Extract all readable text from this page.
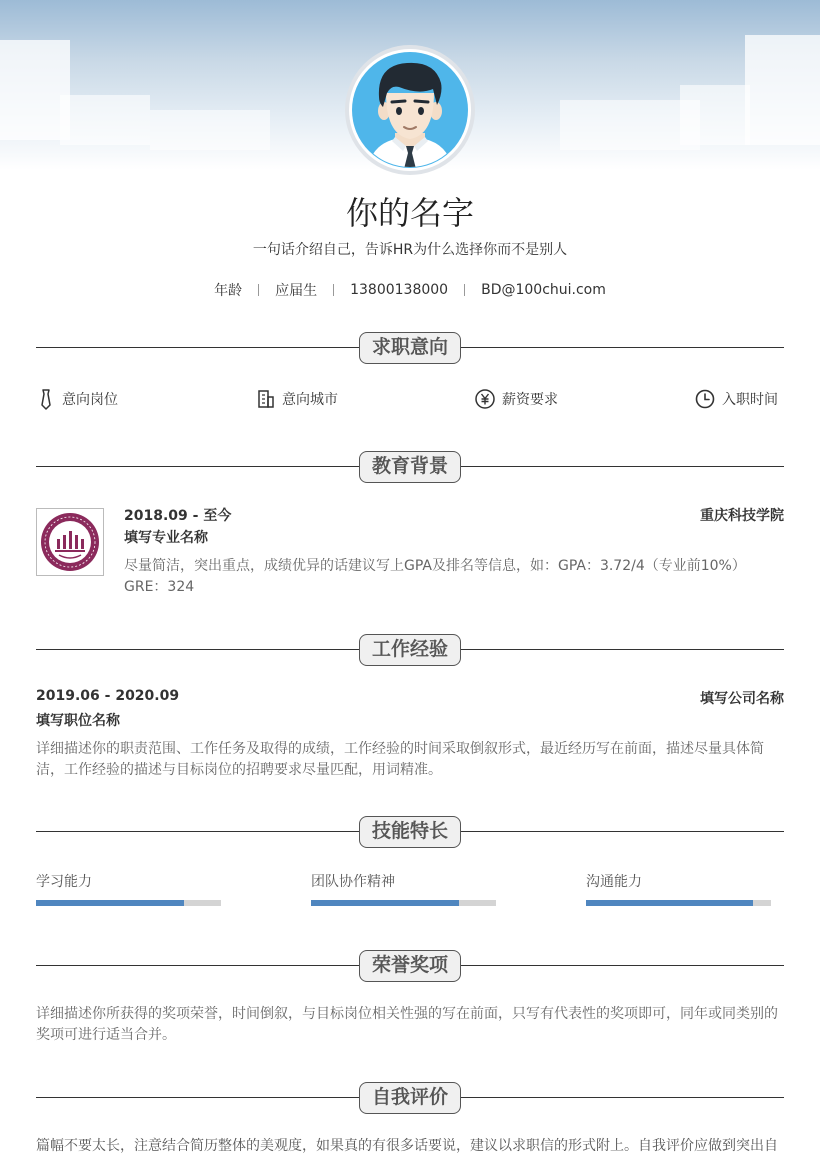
你的名字
一句话介绍自己，告诉HR为什么选择你而不是别人
年龄 应届生 13800138000 BD@100chui.com
求职意向
意向岗位	意向城市	薪资要求	入职时间
教育背景
2018.09 - 至今	重庆科技学院
填写专业名称
尽量简洁，突出重点，成绩优异的话建议写上GPA及排名等信息，如：GPA：3.72/4（专业前10%） GRE：324
工作经验
2019.06 - 2020.09	填写公司名称
填写职位名称
详细描述你的职责范围、工作任务及取得的成绩，工作经验的时间采取倒叙形式，最近经历写在前面，描述尽量具体简洁，工作经验的描述与目标岗位的招聘要求尽量匹配，用词精准。
技能特长
学习能力	团队协作精神	沟通能力
荣誉奖项
详细描述你所获得的奖项荣誉，时间倒叙，与目标岗位相关性强的写在前面，只写有代表性的奖项即可，同年或同类别的奖项可进行适当合并。
自我评价
篇幅不要太长，注意结合简历整体的美观度，如果真的有很多话要说，建议以求职信的形式附上。自我评价应做到突出自
